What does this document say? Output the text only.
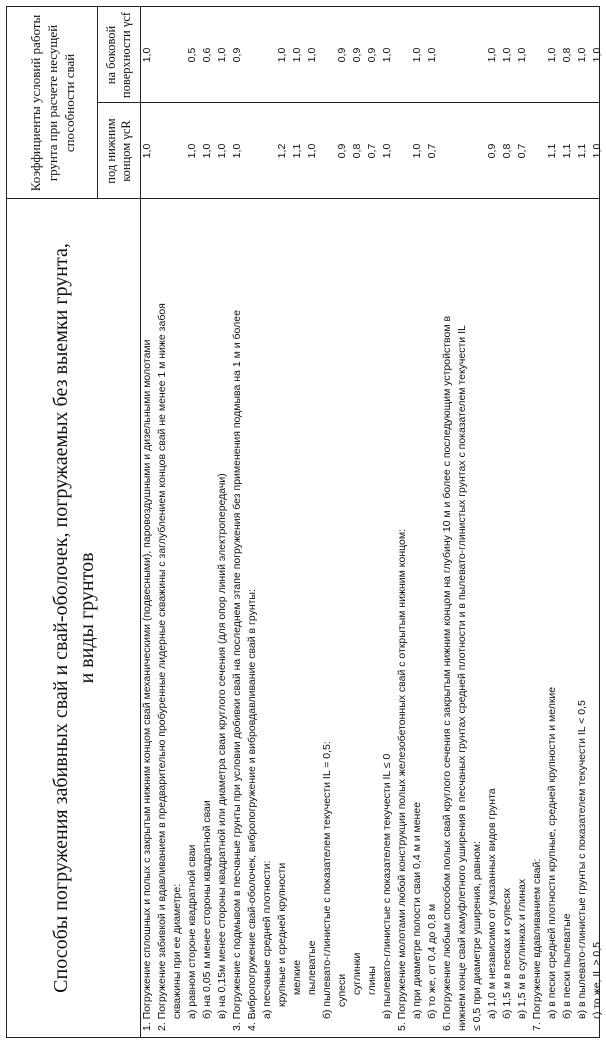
Способы погружения забивных свай и свай-оболочек, погружаемых без выемки грунта, и виды грунтов
Коэффициенты условий работы грунта при расчете несущей способности свай	под нижним концом γcR
на боковой поверхности γcf
1. Погружение сплошных и полых с закрытым нижним концом свай механическими (подвесными), паровоздушными и дизельными молотами
1,0
1,0
2. Погружение забивкой и вдавливанием в предварительно пробуренные лидерные скважины с заглублением концов свай не менее 1 м ниже забоя скважины при ее диаметре: а) равном стороне квадратной сваи
1,0
0,5
б) на 0,05 м менее стороны квадратной сваи
1,0
0,6
в) на 0,15м менее стороны квадратной или диаметра сваи круглого сечения (для опор линий электропередачи)
1,0
1,0
3. Погружение с подмывом в песчаные грунты при условии добивки свай на последнем этапе погружения без применения подмыва на 1 м и более
1,0
0,9
4. Вибропогружение свай-оболочек, вибропогружение и вибровдавливание свай в грунты: а) песчаные средней плотности: крупные и средней крупности
1,2
1,0
мелкие
1,1
1,0
пылеватые
1,0
1,0
б) пылевато-глинистые с показателем текучести IL = 0,5: супеси
0,9
0,9
суглинки
0,8
0,9
глины
0,7
0,9
в) пылевато-глинистые с показателем текучести IL ≤ 0
1,0
1,0
5. Погружение молотами любой конструкции полых железобетонных свай с открытым нижним концом: а) при диаметре полости сваи 0,4 м и менее
1,0
1,0
б) то же, от 0,4 до 0,8 м
0,7
1,0
6. Погружение любым способом полых свай круглого сечения с закрытым нижним концом на глубину 10 м и более с последующим устройством в нижнем конце свай камуфлетного уширения в песчаных грунтах средней плотности и в пылевато-глинистых грунтах с показателем текучести IL ≤ 0,5 при диаметре уширения, равном: а) 1,0 м независимо от указанных видов грунта
0,9
1,0
б) 1,5 м в песках и супесях
0,8
1,0
в) 1,5 м в суглинках и глинах
0,7
1,0
7. Погружение вдавливанием свай: а) в пески средней плотности крупные, средней крупности и мелкие
1,1
1,0
б) в пески пылеватые
1,1
0,8
в) в пылевато-глинистые грунты с показателем текучести IL < 0,5
1,1
1,0
г) то же, IL ≥ 0,5
1,0
1,0
